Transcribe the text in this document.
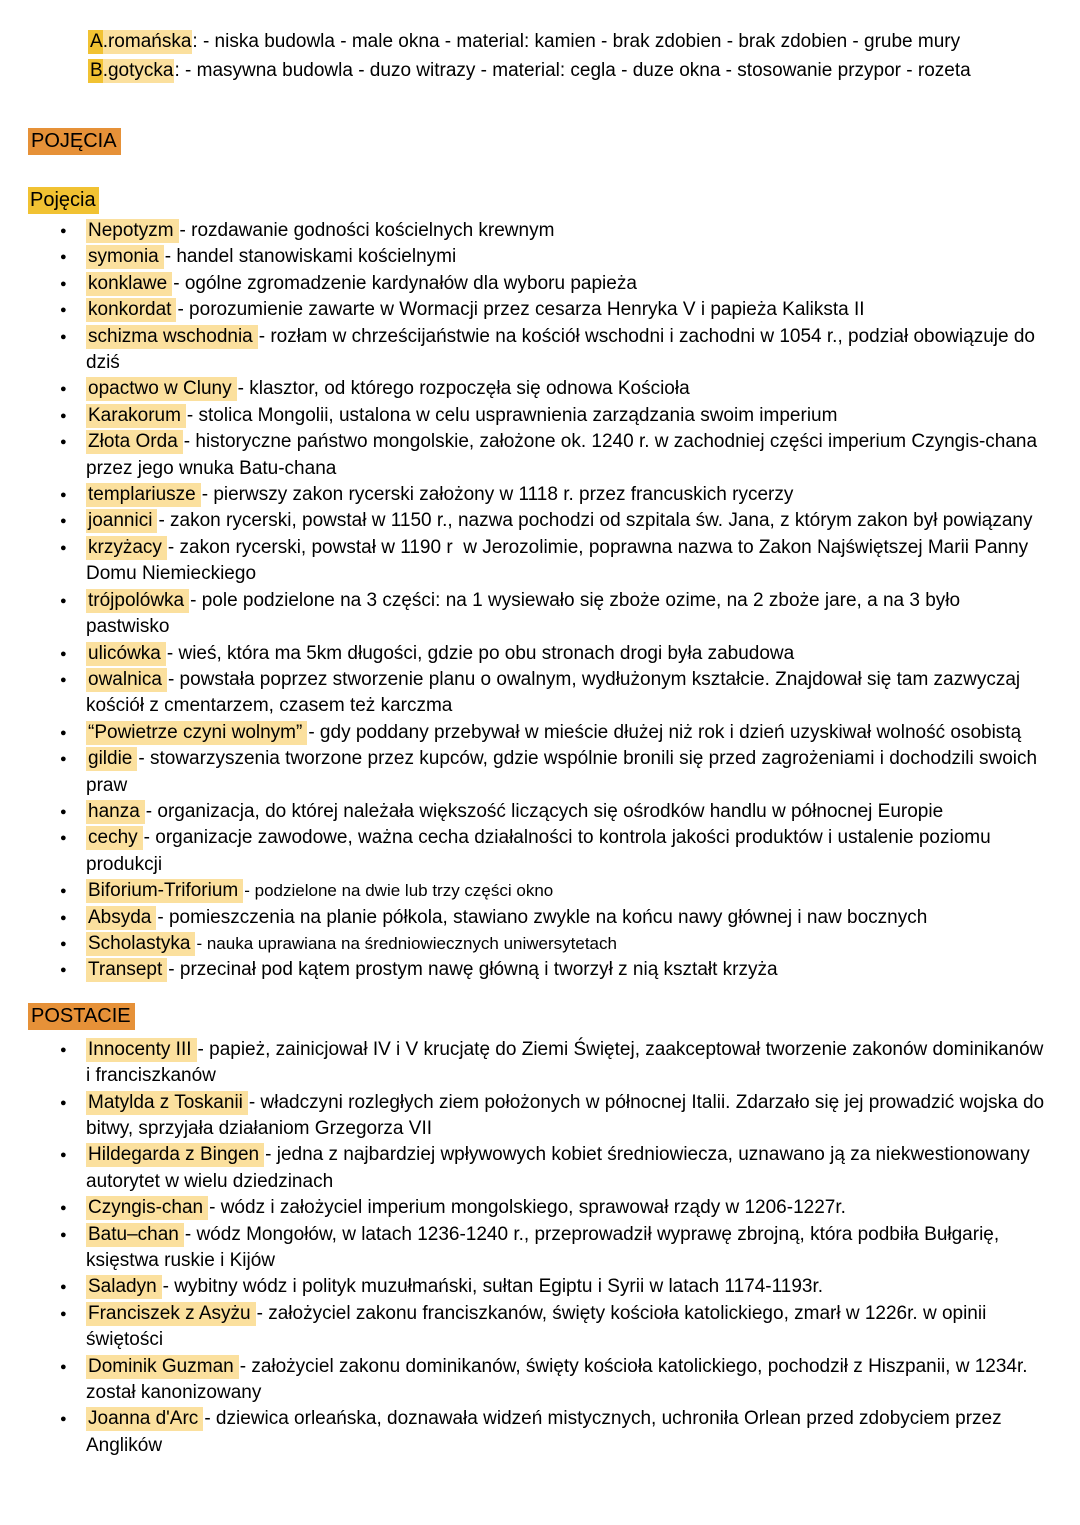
A.romańska: - niska budowla - male okna - material: kamien - brak zdobien - brak zdobien - grube mury
B.gotycka: - masywna budowla - duzo witrazy - material: cegla - duze okna - stosowanie przypor - rozeta
POJĘCIA
Pojęcia
● Nepotyzm - rozdawanie godności kościelnych krewnym
● symonia - handel stanowiskami kościelnymi
● konklawe - ogólne zgromadzenie kardynałów dla wyboru papieża
● konkordat - porozumienie zawarte w Wormacji przez cesarza Henryka V i papieża Kaliksta II
● schizma wschodnia - rozłam w chrześcijaństwie na kościół wschodni i zachodni w 1054 r., podział obowiązuje do dziś
● opactwo w Cluny - klasztor, od którego rozpoczęła się odnowa Kościoła
● Karakorum - stolica Mongolii, ustalona w celu usprawnienia zarządzania swoim imperium
● Złota Orda - historyczne państwo mongolskie, założone ok. 1240 r. w zachodniej części imperium Czyngis-chana przez jego wnuka Batu-chana
● templariusze - pierwszy zakon rycerski założony w 1118 r. przez francuskich rycerzy
● joannici - zakon rycerski, powstał w 1150 r., nazwa pochodzi od szpitala św. Jana, z którym zakon był powiązany
● krzyżacy - zakon rycerski, powstał w 1190 r  w Jerozolimie, poprawna nazwa to Zakon Najświętszej Marii Panny Domu Niemieckiego
● trójpolówka - pole podzielone na 3 części: na 1 wysiewało się zboże ozime, na 2 zboże jare, a na 3 było pastwisko
● ulicówka - wieś, która ma 5km długości, gdzie po obu stronach drogi była zabudowa
● owalnica - powstała poprzez stworzenie planu o owalnym, wydłużonym kształcie. Znajdował się tam zazwyczaj kościół z cmentarzem, czasem też karczma
● “Powietrze czyni wolnym” - gdy poddany przebywał w mieście dłużej niż rok i dzień uzyskiwał wolność osobistą
● gildie - stowarzyszenia tworzone przez kupców, gdzie wspólnie bronili się przed zagrożeniami i dochodzili swoich praw
● hanza - organizacja, do której należała większość liczących się ośrodków handlu w północnej Europie
● cechy - organizacje zawodowe, ważna cecha działalności to kontrola jakości produktów i ustalenie poziomu produkcji
● Biforium-Triforium - podzielone na dwie lub trzy części okno
● Absyda - pomieszczenia na planie półkola, stawiano zwykle na końcu nawy głównej i naw bocznych
● Scholastyka - nauka uprawiana na średniowiecznych uniwersytetach
● Transept - przecinał pod kątem prostym nawę główną i tworzył z nią kształt krzyża
POSTACIE
● Innocenty III - papież, zainicjował IV i V krucjatę do Ziemi Świętej, zaakceptował tworzenie zakonów dominikanów i franciszkanów
● Matylda z Toskanii - władczyni rozległych ziem położonych w północnej Italii. Zdarzało się jej prowadzić wojska do bitwy, sprzyjała działaniom Grzegorza VII
● Hildegarda z Bingen - jedna z najbardziej wpływowych kobiet średniowiecza, uznawano ją za niekwestionowany autorytet w wielu dziedzinach
● Czyngis-chan - wódz i założyciel imperium mongolskiego, sprawował rządy w 1206-1227r.
● Batu–chan - wódz Mongołów, w latach 1236-1240 r., przeprowadził wyprawę zbrojną, która podbiła Bułgarię, księstwa ruskie i Kijów
● Saladyn - wybitny wódz i polityk muzułmański, sułtan Egiptu i Syrii w latach 1174-1193r.
● Franciszek z Asyżu - założyciel zakonu franciszkanów, święty kościoła katolickiego, zmarł w 1226r. w opinii świętości
● Dominik Guzman - założyciel zakonu dominikanów, święty kościoła katolickiego, pochodził z Hiszpanii, w 1234r. został kanonizowany
● Joanna d'Arc - dziewica orleańska, doznawała widzeń mistycznych, uchroniła Orlean przed zdobyciem przez Anglików
